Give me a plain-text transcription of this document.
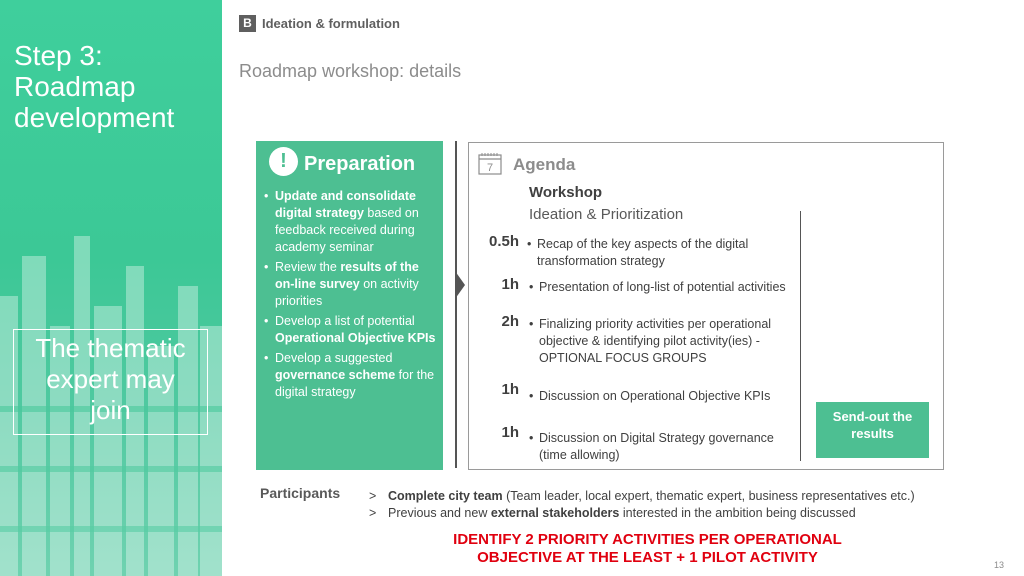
Step 3:
Roadmap
development
The thematic
expert may
join
B Ideation & formulation
Roadmap workshop: details
! Preparation
• Update and consolidate digital strategy based on feedback received during academy seminar
• Review the results of the on-line survey on activity priorities
• Develop a list of potential Operational Objective KPIs
• Develop a suggested governance scheme for the digital strategy
7 Agenda
Workshop
Ideation & Prioritization
0.5h	• Recap of the key aspects of the digital transformation strategy
1h	• Presentation of long-list of potential activities
2h	• Finalizing priority activities per operational objective & identifying pilot activity(ies) - OPTIONAL FOCUS GROUPS
1h	• Discussion on Operational Objective KPIs
1h	• Discussion on Digital Strategy governance (time allowing)
Send-out the
results
Participants	> Complete city team (Team leader, local expert, thematic expert, business representatives etc.)
> Previous and new external stakeholders interested in the ambition being discussed
IDENTIFY 2 PRIORITY ACTIVITIES PER OPERATIONAL
OBJECTIVE AT THE LEAST + 1 PILOT ACTIVITY	13
